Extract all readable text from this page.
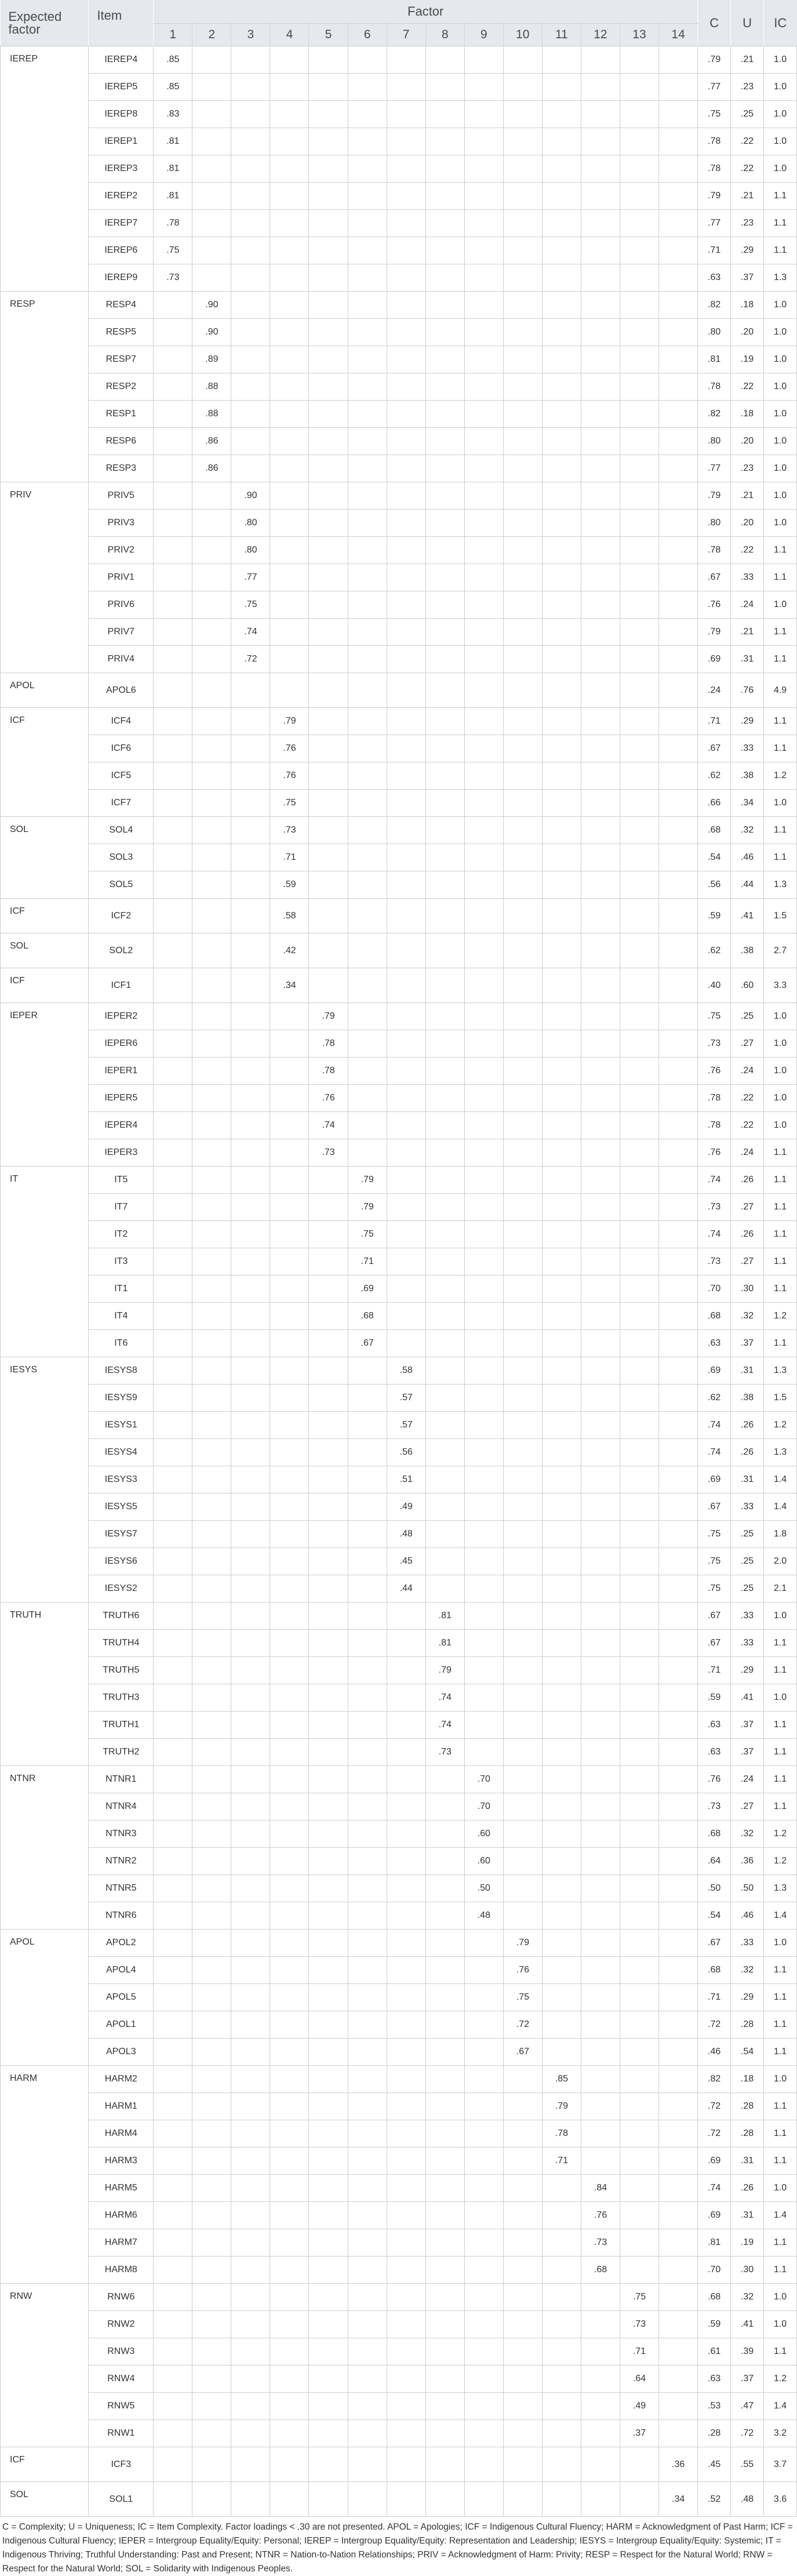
Expected factor	Item	Factor														C	U	IC
		1	2	3	4	5	6	7	8	9	10	11	12	13	14			
IEREP	IEREP4	.85														.79	.21	1.0
	IEREP5	.85														.77	.23	1.0
	IEREP8	.83														.75	.25	1.0
	IEREP1	.81														.78	.22	1.0
	IEREP3	.81														.78	.22	1.0
	IEREP2	.81														.79	.21	1.1
	IEREP7	.78														.77	.23	1.1
	IEREP6	.75														.71	.29	1.1
	IEREP9	.73														.63	.37	1.3
RESP	RESP4		.90													.82	.18	1.0
	RESP5		.90													.80	.20	1.0
	RESP7		.89													.81	.19	1.0
	RESP2		.88													.78	.22	1.0
	RESP1		.88													.82	.18	1.0
	RESP6		.86													.80	.20	1.0
	RESP3		.86													.77	.23	1.0
PRIV	PRIV5			.90												.79	.21	1.0
	PRIV3			.80												.80	.20	1.0
	PRIV2			.80												.78	.22	1.1
	PRIV1			.77												.67	.33	1.1
	PRIV6			.75												.76	.24	1.0
	PRIV7			.74												.79	.21	1.1
	PRIV4			.72												.69	.31	1.1
APOL	APOL6															.24	.76	4.9
ICF	ICF4				.79											.71	.29	1.1
	ICF6				.76											.67	.33	1.1
	ICF5				.76											.62	.38	1.2
	ICF7				.75											.66	.34	1.0
SOL	SOL4				.73											.68	.32	1.1
	SOL3				.71											.54	.46	1.1
	SOL5				.59											.56	.44	1.3
ICF	ICF2				.58											.59	.41	1.5
SOL	SOL2				.42											.62	.38	2.7
ICF	ICF1				.34											.40	.60	3.3
IEPER	IEPER2					.79										.75	.25	1.0
	IEPER6					.78										.73	.27	1.0
	IEPER1					.78										.76	.24	1.0
	IEPER5					.76										.78	.22	1.0
	IEPER4					.74										.78	.22	1.0
	IEPER3					.73										.76	.24	1.1
IT	IT5						.79									.74	.26	1.1
	IT7						.79									.73	.27	1.1
	IT2						.75									.74	.26	1.1
	IT3						.71									.73	.27	1.1
	IT1						.69									.70	.30	1.1
	IT4						.68									.68	.32	1.2
	IT6						.67									.63	.37	1.1
IESYS	IESYS8							.58								.69	.31	1.3
	IESYS9							.57								.62	.38	1.5
	IESYS1							.57								.74	.26	1.2
	IESYS4							.56								.74	.26	1.3
	IESYS3							.51								.69	.31	1.4
	IESYS5							.49								.67	.33	1.4
	IESYS7							.48								.75	.25	1.8
	IESYS6							.45								.75	.25	2.0
	IESYS2							.44								.75	.25	2.1
TRUTH	TRUTH6								.81							.67	.33	1.0
	TRUTH4								.81							.67	.33	1.1
	TRUTH5								.79							.71	.29	1.1
	TRUTH3								.74							.59	.41	1.0
	TRUTH1								.74							.63	.37	1.1
	TRUTH2								.73							.63	.37	1.1
NTNR	NTNR1									.70						.76	.24	1.1
	NTNR4									.70						.73	.27	1.1
	NTNR3									.60						.68	.32	1.2
	NTNR2									.60						.64	.36	1.2
	NTNR5									.50						.50	.50	1.3
	NTNR6									.48						.54	.46	1.4
APOL	APOL2										.79					.67	.33	1.0
	APOL4										.76					.68	.32	1.1
	APOL5										.75					.71	.29	1.1
	APOL1										.72					.72	.28	1.1
	APOL3										.67					.46	.54	1.1
HARM	HARM2											.85				.82	.18	1.0
	HARM1											.79				.72	.28	1.1
	HARM4											.78				.72	.28	1.1
	HARM3											.71				.69	.31	1.1
	HARM5												.84			.74	.26	1.0
	HARM6												.76			.69	.31	1.4
	HARM7												.73			.81	.19	1.1
	HARM8												.68			.70	.30	1.1
RNW	RNW6													.75		.68	.32	1.0
	RNW2													.73		.59	.41	1.0
	RNW3													.71		.61	.39	1.1
	RNW4													.64		.63	.37	1.2
	RNW5													.49		.53	.47	1.4
	RNW1													.37		.28	.72	3.2
ICF	ICF3														.36	.45	.55	3.7
SOL	SOL1														.34	.52	.48	3.6
C = Complexity; U = Uniqueness; IC = Item Complexity. Factor loadings < .30 are not presented. APOL = Apologies; ICF = Indigenous Cultural Fluency; HARM = Acknowledgment of Past Harm; ICF = Indigenous Cultural Fluency; IEPER = Intergroup Equality/Equity: Personal; IEREP = Intergroup Equality/Equity: Representation and Leadership; IESYS = Intergroup Equality/Equity: Systemic; IT = Indigenous Thriving; Truthful Understanding: Past and Present; NTNR = Nation-to-Nation Relationships; PRIV = Acknowledgment of Harm: Privity; RESP = Respect for the Natural World; RNW = Respect for the Natural World; SOL = Solidarity with Indigenous Peoples.
